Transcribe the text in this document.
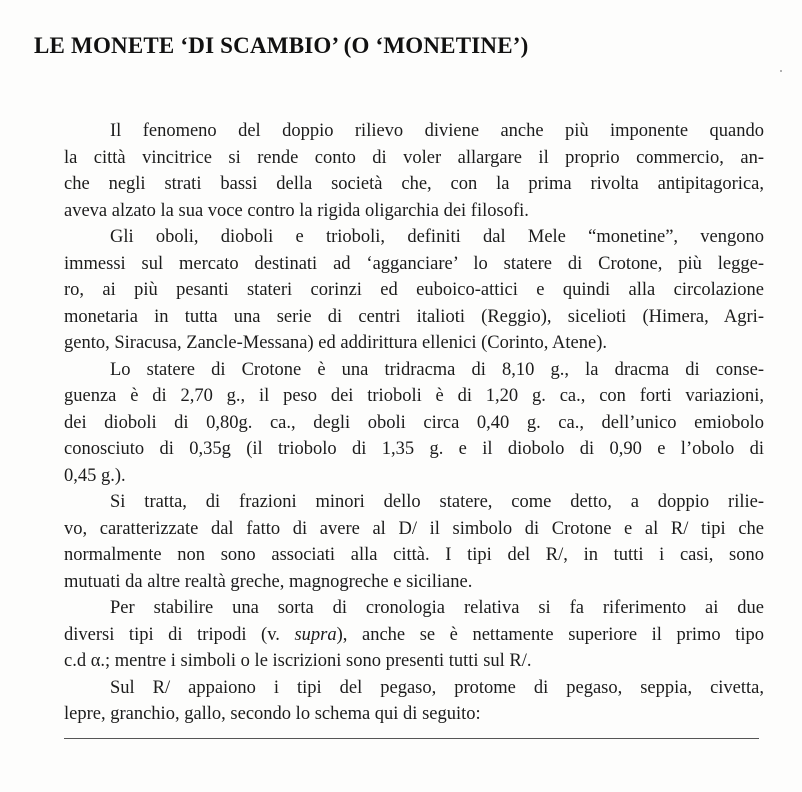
LE MONETE ‘DI SCAMBIO’ (O ‘MONETINE’)
Il fenomeno del doppio rilievo diviene anche più imponente quando
la città vincitrice si rende conto di voler allargare il proprio commercio, an-
che negli strati bassi della società che, con la prima rivolta antipitagorica,
aveva alzato la sua voce contro la rigida oligarchia dei filosofi.
Gli oboli, dioboli e trioboli, definiti dal Mele “monetine”, vengono
immessi sul mercato destinati ad ‘agganciare’ lo statere di Crotone, più legge-
ro, ai più pesanti stateri corinzi ed euboico-attici e quindi alla circolazione
monetaria in tutta una serie di centri italioti (Reggio), sicelioti (Himera, Agri-
gento, Siracusa, Zancle-Messana) ed addirittura ellenici (Corinto, Atene).
Lo statere di Crotone è una tridracma di 8,10 g., la dracma di conse-
guenza è di 2,70 g., il peso dei trioboli è di 1,20 g. ca., con forti variazioni,
dei dioboli di 0,80g. ca., degli oboli circa 0,40 g. ca., dell’unico emiobolo
conosciuto di 0,35g (il triobolo di 1,35 g. e il diobolo di 0,90 e l’obolo di
0,45 g.).
Si tratta, di frazioni minori dello statere, come detto, a doppio rilie-
vo, caratterizzate dal fatto di avere al D/ il simbolo di Crotone e al R/ tipi che
normalmente non sono associati alla città. I tipi del R/, in tutti i casi, sono
mutuati da altre realtà greche, magnogreche e siciliane.
Per stabilire una sorta di cronologia relativa si fa riferimento ai due
diversi tipi di tripodi (v. supra), anche se è nettamente superiore il primo tipo
c.d α.; mentre i simboli o le iscrizioni sono presenti tutti sul R/.
Sul R/ appaiono i tipi del pegaso, protome di pegaso, seppia, civetta,
lepre, granchio, gallo, secondo lo schema qui di seguito:
